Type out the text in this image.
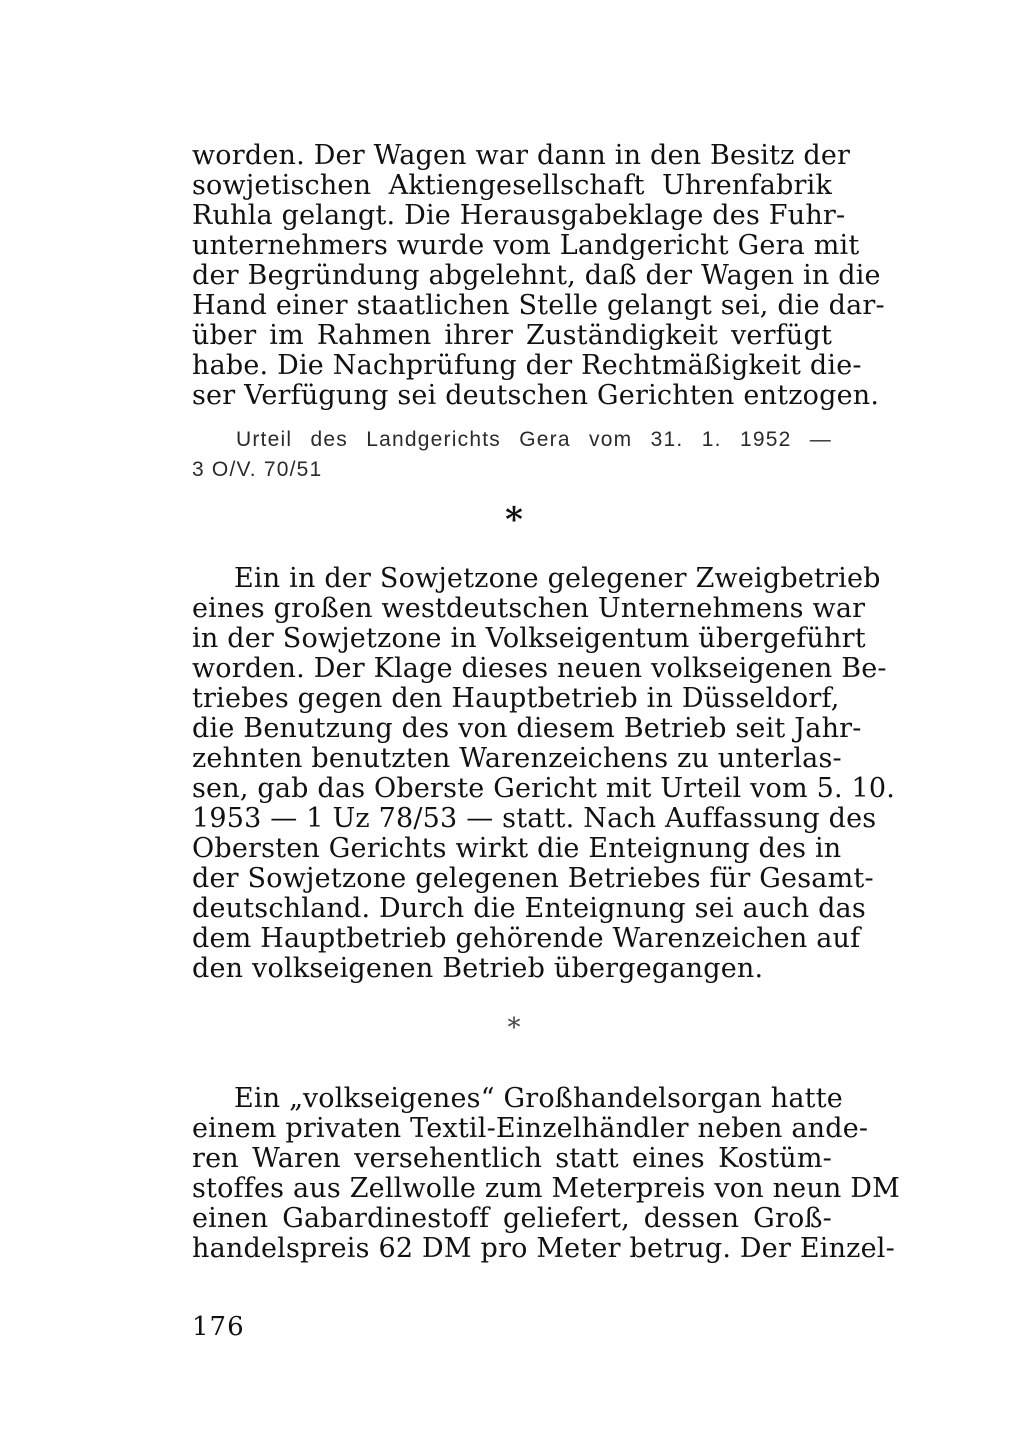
worden. Der Wagen war dann in den Besitz der
sowjetischen Aktiengesellschaft Uhrenfabrik
Ruhla gelangt. Die Herausgabeklage des Fuhr-
unternehmers wurde vom Landgericht Gera mit
der Begründung abgelehnt, daß der Wagen in die
Hand einer staatlichen Stelle gelangt sei, die dar-
über im Rahmen ihrer Zuständigkeit verfügt
habe. Die Nachprüfung der Rechtmäßigkeit die-
ser Verfügung sei deutschen Gerichten entzogen.
Urteil des Landgerichts Gera vom 31. 1. 1952 —
3 O/V. 70/51
*
Ein in der Sowjetzone gelegener Zweigbetrieb
eines großen westdeutschen Unternehmens war
in der Sowjetzone in Volkseigentum übergeführt
worden. Der Klage dieses neuen volkseigenen Be-
triebes gegen den Hauptbetrieb in Düsseldorf,
die Benutzung des von diesem Betrieb seit Jahr-
zehnten benutzten Warenzeichens zu unterlas-
sen, gab das Oberste Gericht mit Urteil vom 5. 10.
1953 — 1 Uz 78/53 — statt. Nach Auffassung des
Obersten Gerichts wirkt die Enteignung des in
der Sowjetzone gelegenen Betriebes für Gesamt-
deutschland. Durch die Enteignung sei auch das
dem Hauptbetrieb gehörende Warenzeichen auf
den volkseigenen Betrieb übergegangen.
*
Ein „volkseigenes“ Großhandelsorgan hatte
einem privaten Textil-Einzelhändler neben ande-
ren Waren versehentlich statt eines Kostüm-
stoffes aus Zellwolle zum Meterpreis von neun DM
einen Gabardinestoff geliefert, dessen Groß-
handelspreis 62 DM pro Meter betrug. Der Einzel-
176
